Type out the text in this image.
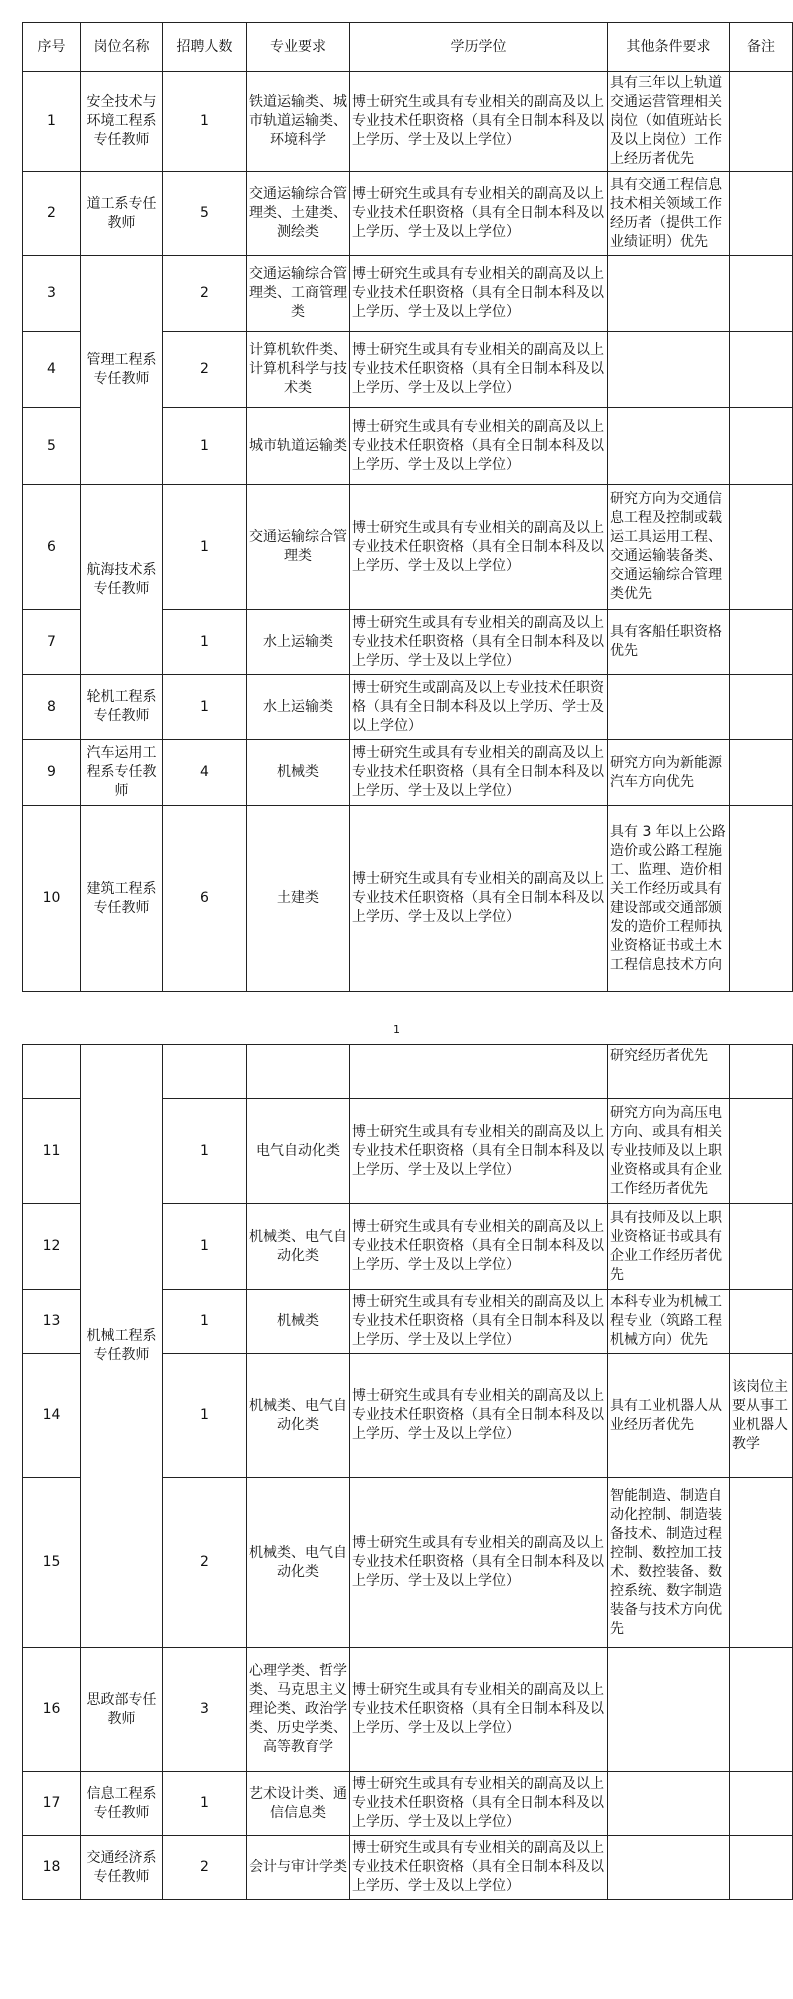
序号	岗位名称	招聘人数	专业要求	学历学位	其他条件要求	备注
1	安全技术与环境工程系专任教师	1	铁道运输类、城市轨道运输类、环境科学	博士研究生或具有专业相关的副高及以上专业技术任职资格（具有全日制本科及以上学历、学士及以上学位）	具有三年以上轨道交通运营管理相关岗位（如值班站长及以上岗位）工作上经历者优先	
2	道工系专任教师	5	交通运输综合管理类、土建类、测绘类	博士研究生或具有专业相关的副高及以上专业技术任职资格（具有全日制本科及以上学历、学士及以上学位）	具有交通工程信息技术相关领域工作经历者（提供工作业绩证明）优先	
3	管理工程系专任教师	2	交通运输综合管理类、工商管理类	博士研究生或具有专业相关的副高及以上专业技术任职资格（具有全日制本科及以上学历、学士及以上学位）		
4		2	计算机软件类、计算机科学与技术类	博士研究生或具有专业相关的副高及以上专业技术任职资格（具有全日制本科及以上学历、学士及以上学位）		
5		1	城市轨道运输类	博士研究生或具有专业相关的副高及以上专业技术任职资格（具有全日制本科及以上学历、学士及以上学位）		
6	航海技术系专任教师	1	交通运输综合管理类	博士研究生或具有专业相关的副高及以上专业技术任职资格（具有全日制本科及以上学历、学士及以上学位）	研究方向为交通信息工程及控制或载运工具运用工程、交通运输装备类、交通运输综合管理类优先	
7		1	水上运输类	博士研究生或具有专业相关的副高及以上专业技术任职资格（具有全日制本科及以上学历、学士及以上学位）	具有客船任职资格优先	
8	轮机工程系专任教师	1	水上运输类	博士研究生或副高及以上专业技术任职资格（具有全日制本科及以上学历、学士及以上学位）		
9	汽车运用工程系专任教师	4	机械类	博士研究生或具有专业相关的副高及以上专业技术任职资格（具有全日制本科及以上学历、学士及以上学位）	研究方向为新能源汽车方向优先	
10	建筑工程系专任教师	6	土建类	博士研究生或具有专业相关的副高及以上专业技术任职资格（具有全日制本科及以上学历、学士及以上学位）	具有 3 年以上公路造价或公路工程施工、监理、造价相关工作经历或具有建设部或交通部颁发的造价工程师执业资格证书或土木工程信息技术方向	
1
	机械工程系专任教师				研究经历者优先	
11		1	电气自动化类	博士研究生或具有专业相关的副高及以上专业技术任职资格（具有全日制本科及以上学历、学士及以上学位）	研究方向为高压电方向、或具有相关专业技师及以上职业资格或具有企业工作经历者优先	
12		1	机械类、电气自动化类	博士研究生或具有专业相关的副高及以上专业技术任职资格（具有全日制本科及以上学历、学士及以上学位）	具有技师及以上职业资格证书或具有企业工作经历者优先	
13		1	机械类	博士研究生或具有专业相关的副高及以上专业技术任职资格（具有全日制本科及以上学历、学士及以上学位）	本科专业为机械工程专业（筑路工程机械方向）优先	
14		1	机械类、电气自动化类	博士研究生或具有专业相关的副高及以上专业技术任职资格（具有全日制本科及以上学历、学士及以上学位）	具有工业机器人从业经历者优先	该岗位主要从事工业机器人教学
15		2	机械类、电气自动化类	博士研究生或具有专业相关的副高及以上专业技术任职资格（具有全日制本科及以上学历、学士及以上学位）	智能制造、制造自动化控制、制造装备技术、制造过程控制、数控加工技术、数控装备、数控系统、数字制造装备与技术方向优先	
16	思政部专任教师	3	心理学类、哲学类、马克思主义理论类、政治学类、历史学类、高等教育学	博士研究生或具有专业相关的副高及以上专业技术任职资格（具有全日制本科及以上学历、学士及以上学位）		
17	信息工程系专任教师	1	艺术设计类、通信信息类	博士研究生或具有专业相关的副高及以上专业技术任职资格（具有全日制本科及以上学历、学士及以上学位）		
18	交通经济系专任教师	2	会计与审计学类	博士研究生或具有专业相关的副高及以上专业技术任职资格（具有全日制本科及以上学历、学士及以上学位）		
